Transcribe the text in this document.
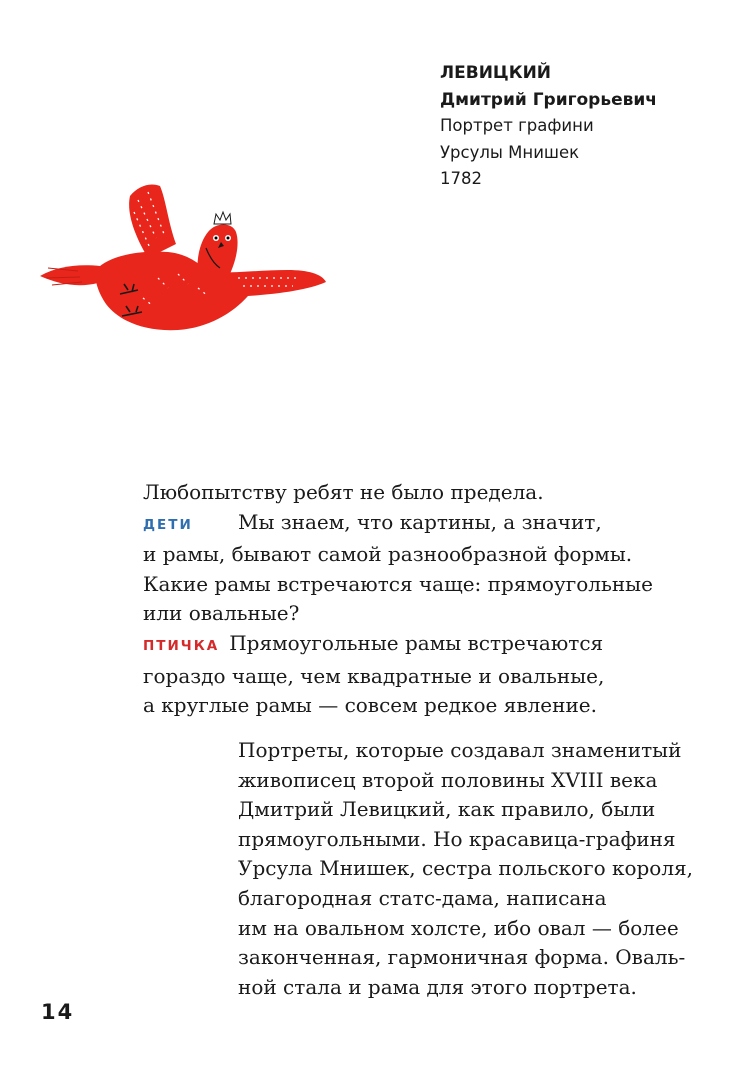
ЛЕВИЦКИЙ
Дмитрий Григорьевич
Портрет графини
Урсулы Мнишек
1782
Любопытству ребят не было предела.
ДЕТИ Мы знаем, что картины, а значит,
и рамы, бывают самой разнообразной формы.
Какие рамы встречаются чаще: прямоугольные
или овальные?
ПТИЧКА Прямоугольные рамы встречаются
гораздо чаще, чем квадратные и овальные,
а круглые рамы — совсем редкое явление.
Портреты, которые создавал знаменитый
живописец второй половины XVIII века
Дмитрий Левицкий, как правило, были
прямоугольными. Но красавица-графиня
Урсула Мнишек, сестра польского короля,
благородная статс-дама, написана
им на овальном холсте, ибо овал — более
законченная, гармоничная форма. Оваль-
ной стала и рама для этого портрета.
14
